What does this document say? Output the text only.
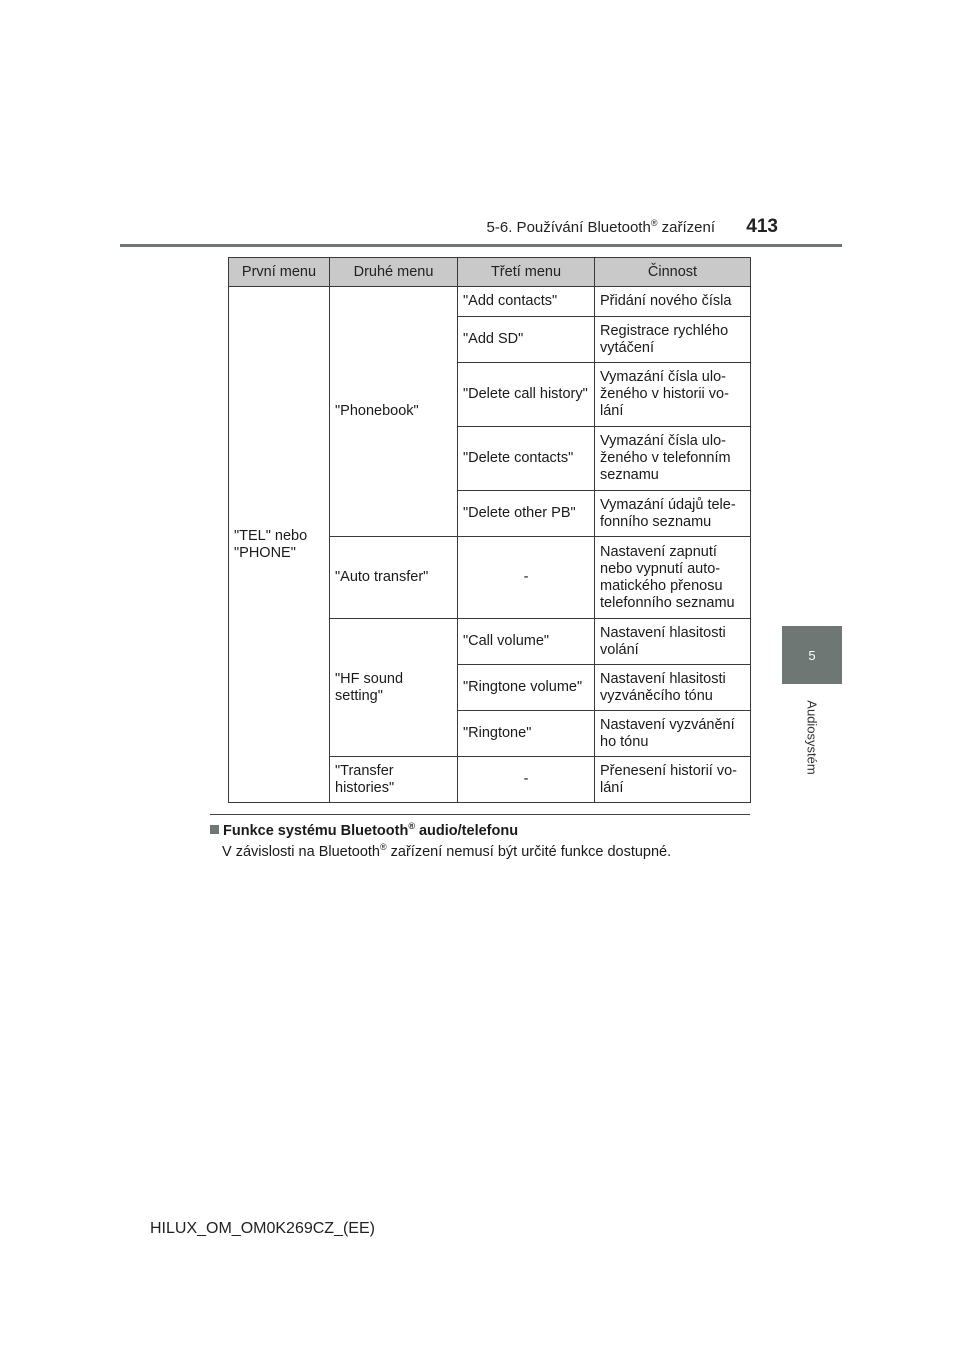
5-6. Používání Bluetooth® zařízení	413
5
Audiosystém
První menu	Druhé menu	Třetí menu	Činnost
"TEL" nebo "PHONE"	"Phonebook"	"Add contacts"	Přidání nového čísla
		"Add SD"	Registrace rychlého vytáčení
		"Delete call history"	Vymazání čísla ulo-ženého v historii vo-lání
		"Delete contacts"	Vymazání čísla ulo-ženého v telefonním seznamu
		"Delete other PB"	Vymazání údajů tele-fonního seznamu
	"Auto transfer"	-	Nastavení zapnutí nebo vypnutí auto-matického přenosu telefonního seznamu
	"HF sound setting"	"Call volume"	Nastavení hlasitosti volání
		"Ringtone volume"	Nastavení hlasitosti vyzváněcího tónu
		"Ringtone"	Nastavení vyzvánění ho tónu
	"Transfer histories"	-	Přenesení historií vo-lání
Funkce systému Bluetooth® audio/telefonu
V závislosti na Bluetooth® zařízení nemusí být určité funkce dostupné.
HILUX_OM_OM0K269CZ_(EE)
